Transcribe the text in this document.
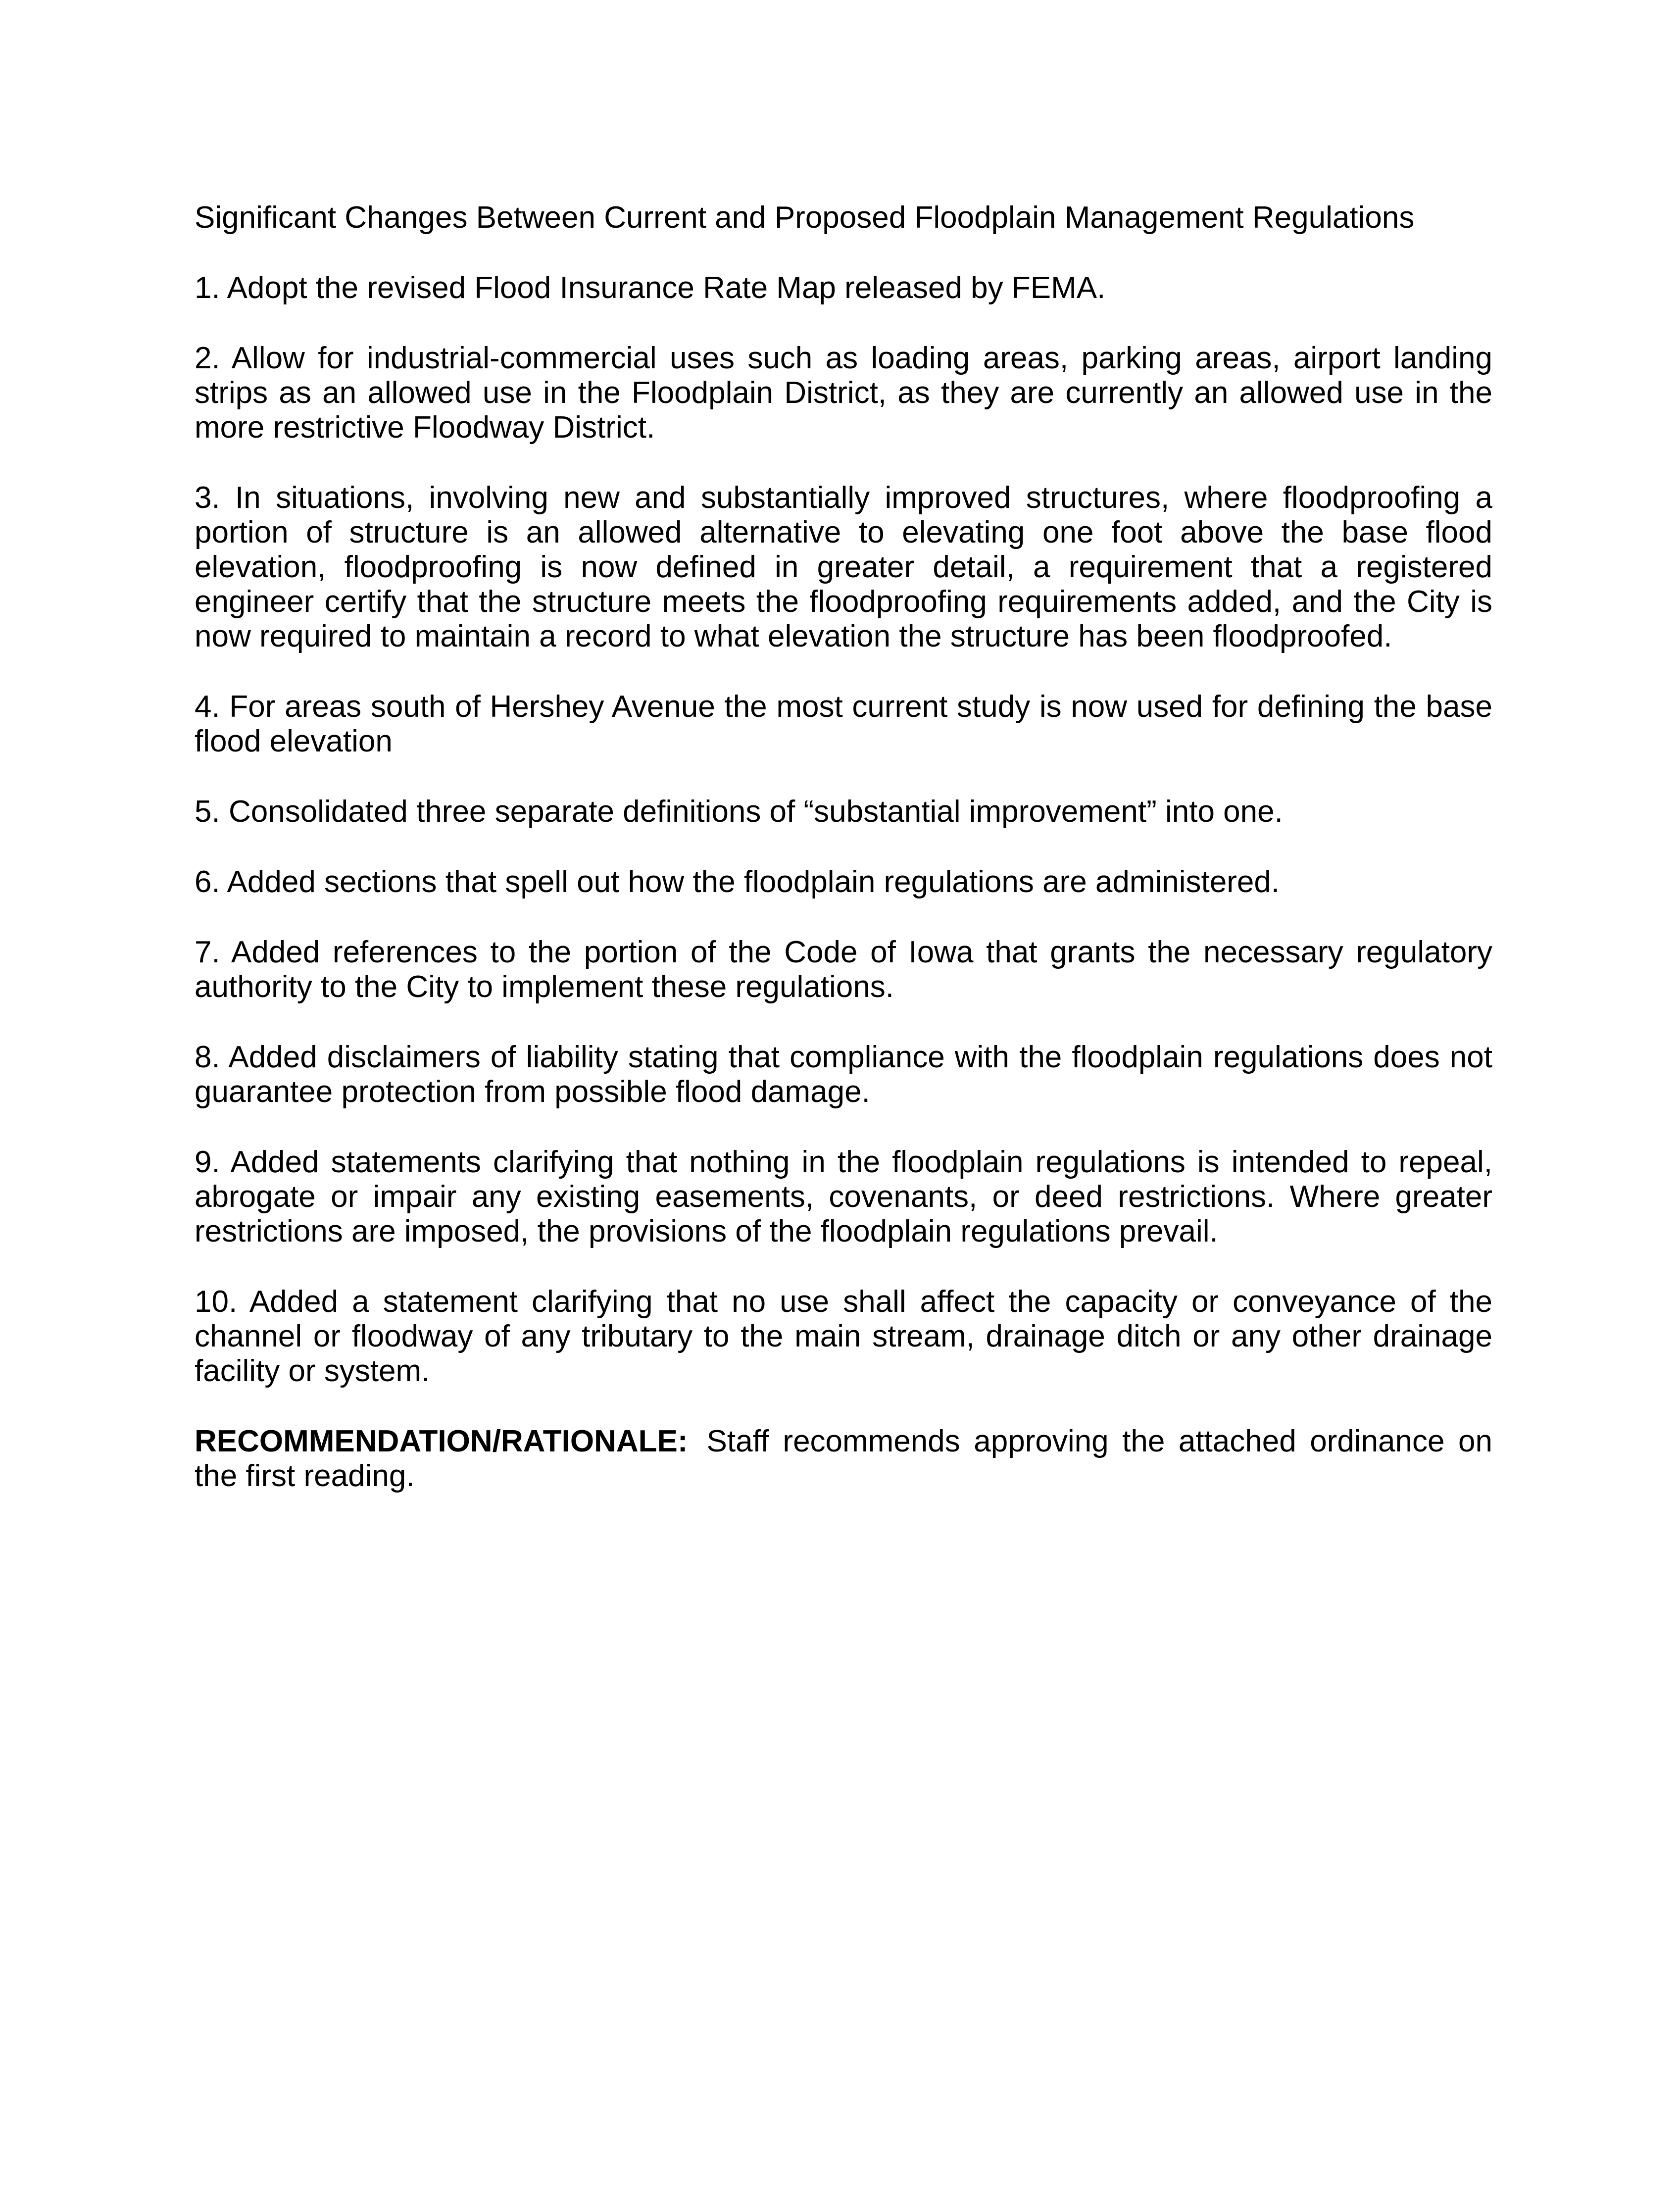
Significant Changes Between Current and Proposed Floodplain Management Regulations

1. Adopt the revised Flood Insurance Rate Map released by FEMA.

2. Allow for industrial-commercial uses such as loading areas, parking areas, airport landing strips as an allowed use in the Floodplain District, as they are currently an allowed use in the more restrictive Floodway District.

3. In situations, involving new and substantially improved structures, where floodproofing a portion of structure is an allowed alternative to elevating one foot above the base flood elevation, floodproofing is now defined in greater detail, a requirement that a registered engineer certify that the structure meets the floodproofing requirements added, and the City is now required to maintain a record to what elevation the structure has been floodproofed.

4. For areas south of Hershey Avenue the most current study is now used for defining the base flood elevation

5. Consolidated three separate definitions of “substantial improvement” into one.

6. Added sections that spell out how the floodplain regulations are administered.

7. Added references to the portion of the Code of Iowa that grants the necessary regulatory authority to the City to implement these regulations.

8. Added disclaimers of liability stating that compliance with the floodplain regulations does not guarantee protection from possible flood damage.

9. Added statements clarifying that nothing in the floodplain regulations is intended to repeal, abrogate or impair any existing easements, covenants, or deed restrictions. Where greater restrictions are imposed, the provisions of the floodplain regulations prevail.

10. Added a statement clarifying that no use shall affect the capacity or conveyance of the channel or floodway of any tributary to the main stream, drainage ditch or any other drainage facility or system.

RECOMMENDATION/RATIONALE: Staff recommends approving the attached ordinance on the first reading.
